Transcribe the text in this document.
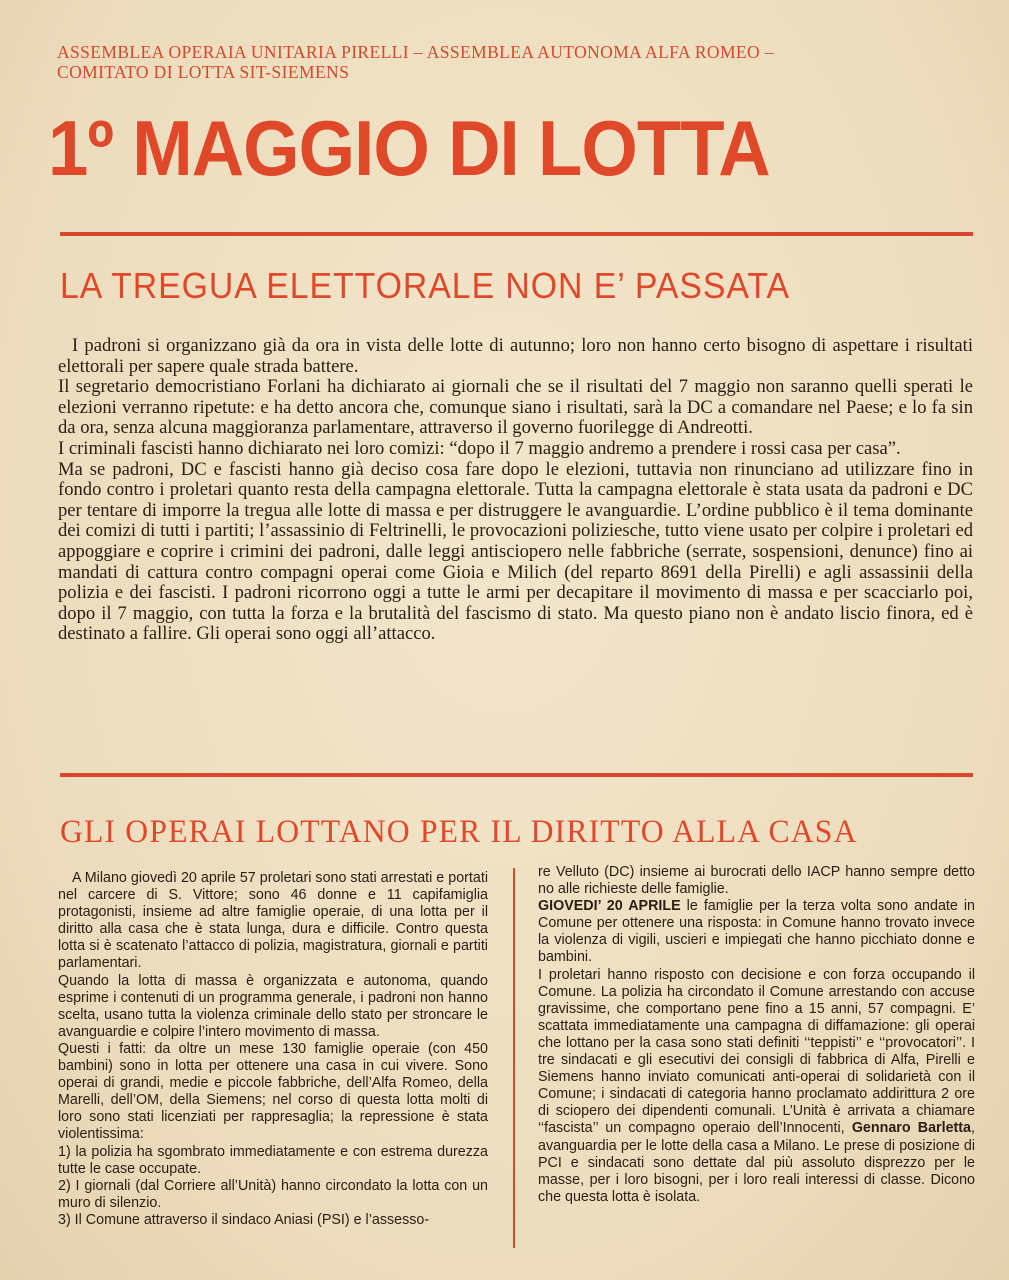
ASSEMBLEA OPERAIA UNITARIA PIRELLI – ASSEMBLEA AUTONOMA ALFA ROMEO –
COMITATO DI LOTTA SIT-SIEMENS
1º MAGGIO DI LOTTA
LA TREGUA ELETTORALE NON E’ PASSATA

I padroni si organizzano già da ora in vista delle lotte di autunno; loro non hanno certo bisogno di aspettare i risultati elettorali per sapere quale strada battere.

Il segretario democristiano Forlani ha dichiarato ai giornali che se il risultati del 7 maggio non saranno quelli sperati le elezioni verranno ripetute: e ha detto ancora che, comunque siano i risultati, sarà la DC a comandare nel Paese; e lo fa sin da ora, senza alcuna maggioranza parlamentare, attraverso il governo fuorilegge di Andreotti.

I criminali fascisti hanno dichiarato nei loro comizi: “dopo il 7 maggio andremo a prendere i rossi casa per casa”.

Ma se padroni, DC e fascisti hanno già deciso cosa fare dopo le elezioni, tuttavia non rinunciano ad utilizzare fino in fondo contro i proletari quanto resta della campagna elettorale. Tutta la campagna elettorale è stata usata da padroni e DC per tentare di imporre la tregua alle lotte di massa e per distruggere le avanguardie. L’ordine pubblico è il tema dominante dei comizi di tutti i partiti; l’assassinio di Feltrinelli, le provocazioni poliziesche, tutto viene usato per colpire i proletari ed appoggiare e coprire i crimini dei padroni, dalle leggi antisciopero nelle fabbriche (serrate, sospensioni, denunce) fino ai mandati di cattura contro compagni operai come Gioia e Milich (del reparto 8691 della Pirelli) e agli assassinii della polizia e dei fascisti. I padroni ricorrono oggi a tutte le armi per decapitare il movimento di massa e per scacciarlo poi, dopo il 7 maggio, con tutta la forza e la brutalità del fascismo di stato. Ma questo piano non è andato liscio finora, ed è destinato a fallire. Gli operai sono oggi all’attacco.

GLI OPERAI LOTTANO PER IL DIRITTO ALLA CASA

A Milano giovedì 20 aprile 57 proletari sono stati arrestati e portati nel carcere di S. Vittore; sono 46 donne e 11 capifamiglia protagonisti, insieme ad altre famiglie operaie, di una lotta per il diritto alla casa che è stata lunga, dura e difficile. Contro questa lotta si è scatenato l’attacco di polizia, magistratura, giornali e partiti parlamentari.

Quando la lotta di massa è organizzata e autonoma, quando esprime i contenuti di un programma generale, i padroni non hanno scelta, usano tutta la violenza criminale dello stato per stroncare le avanguardie e colpire l’intero movimento di massa.

Questi i fatti: da oltre un mese 130 famiglie operaie (con 450 bambini) sono in lotta per ottenere una casa in cui vivere. Sono operai di grandi, medie e piccole fabbriche, dell’Alfa Romeo, della Marelli, dell’OM, della Siemens; nel corso di questa lotta molti di loro sono stati licenziati per rappresaglia; la repressione è stata violentissima:

1) la polizia ha sgombrato immediatamente e con estrema durezza tutte le case occupate.

2) I giornali (dal Corriere all’Unità) hanno circondato la lotta con un muro di silenzio.

3) Il Comune attraverso il sindaco Aniasi (PSI) e l’assesso-

re Velluto (DC) insieme ai burocrati dello IACP hanno sempre detto no alle richieste delle famiglie.

GIOVEDI’ 20 APRILE le famiglie per la terza volta sono andate in Comune per ottenere una risposta: in Comune hanno trovato invece la violenza di vigili, uscieri e impiegati che hanno picchiato donne e bambini.

I proletari hanno risposto con decisione e con forza occupando il Comune. La polizia ha circondato il Comune arrestando con accuse gravissime, che comportano pene fino a 15 anni, 57 compagni. E’ scattata immediatamente una campagna di diffamazione: gli operai che lottano per la casa sono stati definiti ‘‘teppisti’’ e ‘‘provocatori’’. I tre sindacati e gli esecutivi dei consigli di fabbrica di Alfa, Pirelli e Siemens hanno inviato comunicati anti-operai di solidarietà con il Comune; i sindacati di categoria hanno proclamato addirittura 2 ore di sciopero dei dipendenti comunali. L’Unità è arrivata a chiamare ‘‘fascista’’ un compagno operaio dell’Innocenti, Gennaro Barletta, avanguardia per le lotte della casa a Milano. Le prese di posizione di PCI e sindacati sono dettate dal più assoluto disprezzo per le masse, per i loro bisogni, per i loro reali interessi di classe. Dicono che questa lotta è isolata.
